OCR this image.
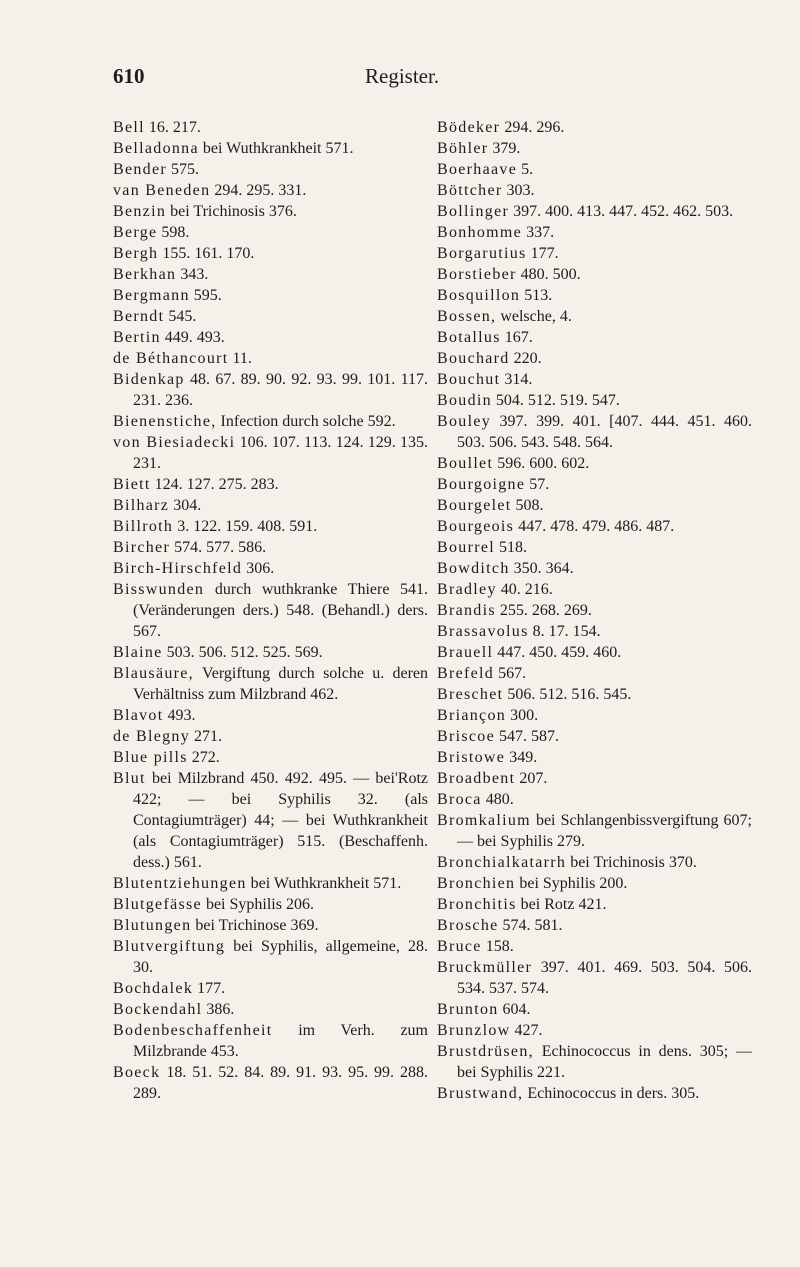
610	Register.

Bell 16. 217.

Belladonna bei Wuthkrankheit 571.

Bender 575.

van Beneden 294. 295. 331.

Benzin bei Trichinosis 376.

Berge 598.

Bergh 155. 161. 170.

Berkhan 343.

Bergmann 595.

Berndt 545.

Bertin 449. 493.

de Béthancourt 11.

Bidenkap 48. 67. 89. 90. 92. 93. 99. 101. 117. 231. 236.

Bienenstiche, Infection durch solche 592.

von Biesiadecki 106. 107. 113. 124. 129. 135. 231.

Biett 124. 127. 275. 283.

Bilharz 304.

Billroth 3. 122. 159. 408. 591.

Bircher 574. 577. 586.

Birch-Hirschfeld 306.

Bisswunden durch wuthkranke Thiere 541. (Veränderungen ders.) 548. (Behandl.) ders. 567.

Blaine 503. 506. 512. 525. 569.

Blausäure, Vergiftung durch solche u. deren Verhältniss zum Milzbrand 462.

Blavot 493.

de Blegny 271.

Blue pills 272.

Blut bei Milzbrand 450. 492. 495. — bei'Rotz 422; — bei Syphilis 32. (als Contagiumträger) 44; — bei Wuthkrankheit (als Contagiumträger) 515. (Beschaffenh. dess.) 561.

Blutentziehungen bei Wuthkrankheit 571.

Blutgefässe bei Syphilis 206.

Blutungen bei Trichinose 369.

Blutvergiftung bei Syphilis, allgemeine, 28. 30.

Bochdalek 177.

Bockendahl 386.

Bodenbeschaffenheit im Verh. zum Milzbrande 453.

Boeck 18. 51. 52. 84. 89. 91. 93. 95. 99. 288. 289.

Bödeker 294. 296.

Böhler 379.

Boerhaave 5.

Böttcher 303.

Bollinger 397. 400. 413. 447. 452. 462. 503.

Bonhomme 337.

Borgarutius 177.

Borstieber 480. 500.

Bosquillon 513.

Bossen, welsche, 4.

Botallus 167.

Bouchard 220.

Bouchut 314.

Boudin 504. 512. 519. 547.

Bouley 397. 399. 401. [407. 444. 451. 460. 503. 506. 543. 548. 564.

Boullet 596. 600. 602.

Bourgoigne 57.

Bourgelet 508.

Bourgeois 447. 478. 479. 486. 487.

Bourrel 518.

Bowditch 350. 364.

Bradley 40. 216.

Brandis 255. 268. 269.

Brassavolus 8. 17. 154.

Brauell 447. 450. 459. 460.

Brefeld 567.

Breschet 506. 512. 516. 545.

Briançon 300.

Briscoe 547. 587.

Bristowe 349.

Broadbent 207.

Broca 480.

Bromkalium bei Schlangenbissvergiftung 607; — bei Syphilis 279.

Bronchialkatarrh bei Trichinosis 370.

Bronchien bei Syphilis 200.

Bronchitis bei Rotz 421.

Brosche 574. 581.

Bruce 158.

Bruckmüller 397. 401. 469. 503. 504. 506. 534. 537. 574.

Brunton 604.

Brunzlow 427.

Brustdrüsen, Echinococcus in dens. 305; — bei Syphilis 221.

Brustwand, Echinococcus in ders. 305.
